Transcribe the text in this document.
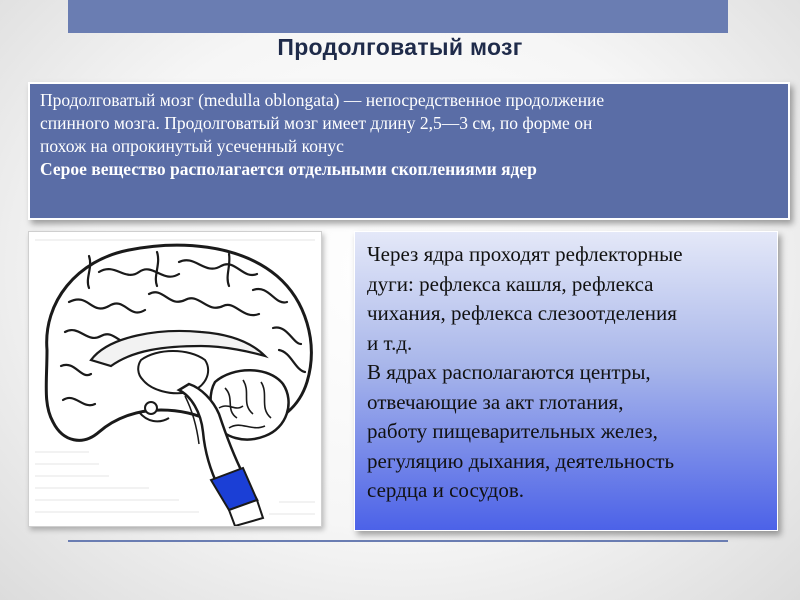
Продолговатый мозг

Продолговатый мозг (medulla oblongata) — непосредственное продолжение

спинного мозга. Продолговатый мозг имеет длину 2,5—3 см, по форме он

похож на опрокинутый усеченный конус

Серое вещество располагается отдельными скоплениями ядер

Через ядра проходят рефлекторные

дуги: рефлекса кашля, рефлекса

чихания, рефлекса слезоотделения

и т.д.

В ядрах располагаются центры,

отвечающие за акт глотания,

работу пищеварительных желез,

регуляцию дыхания, деятельность

сердца и сосудов.
